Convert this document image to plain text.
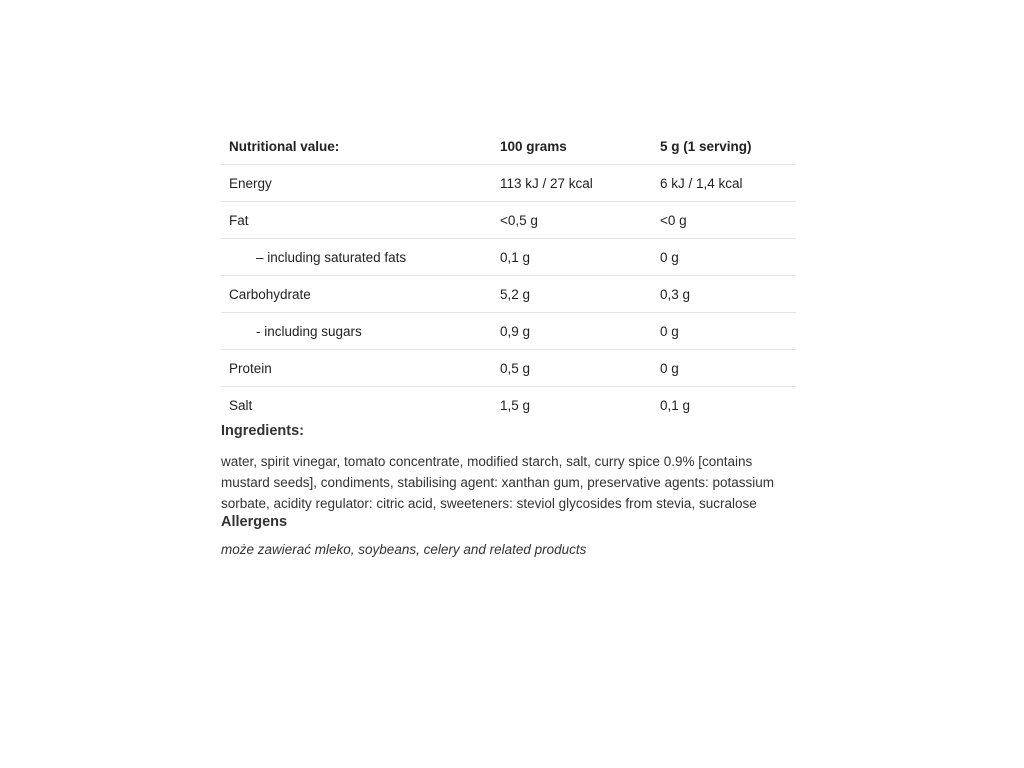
Nutritional value:	100 grams	5 g (1 serving)
Energy	113 kJ / 27 kcal	6 kJ / 1,4 kcal
Fat	<0,5 g	<0 g
– including saturated fats	0,1 g	0 g
Carbohydrate	5,2 g	0,3 g
- including sugars	0,9 g	0 g
Protein	0,5 g	0 g
Salt	1,5 g	0,1 g
Ingredients:

water, spirit vinegar, tomato concentrate, modified starch, salt, curry spice 0.9% [contains mustard seeds], condiments, stabilising agent: xanthan gum, preservative agents: potassium sorbate, acidity regulator: citric acid, sweeteners: steviol glycosides from stevia, sucralose

Allergens

może zawierać mleko, soybeans, celery and related products
